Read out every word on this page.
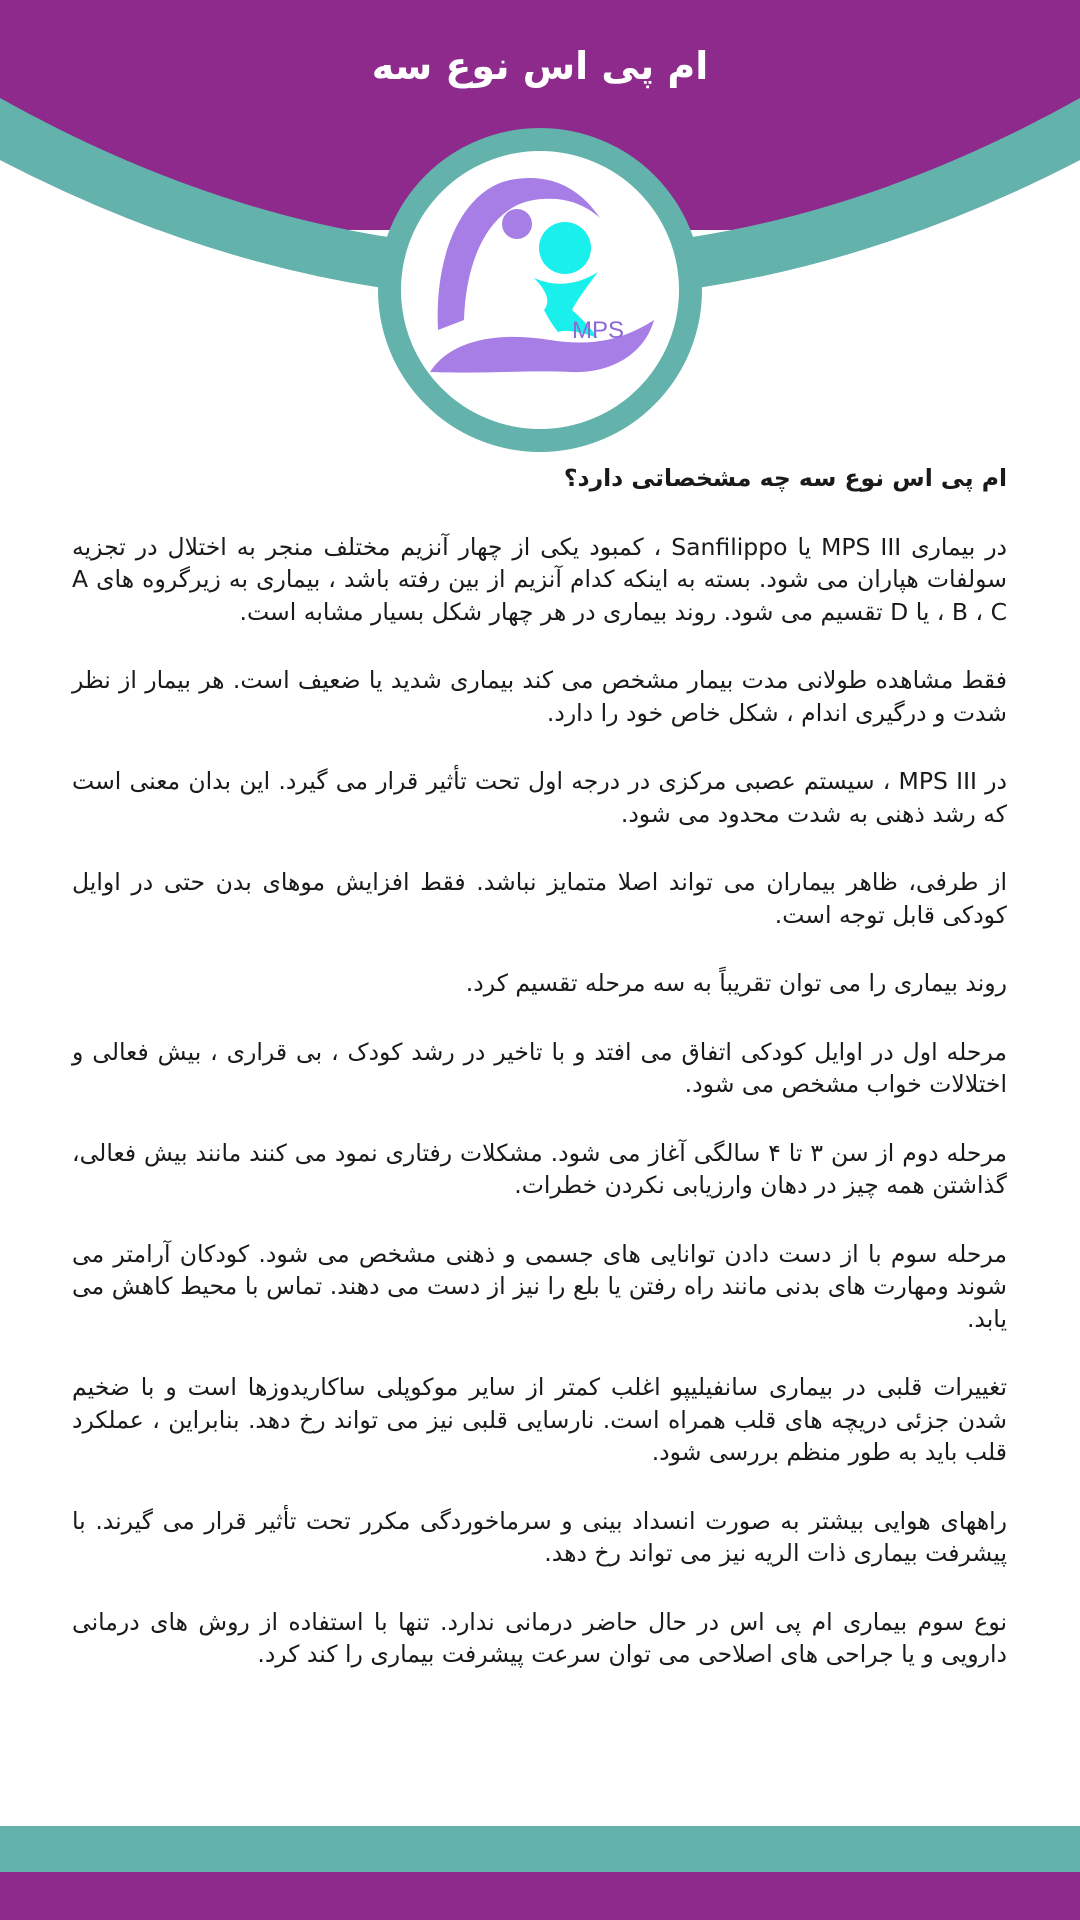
ام پی اس نوع سه
MPS

ام پی اس نوع سه چه مشخصاتی دارد؟

در بیماری MPS III یا Sanfilippo ، کمبود یکی از چهار آنزیم مختلف منجر به اختلال در تجزیه سولفات هپاران می شود. بسته به اینکه کدام آنزیم از بین رفته باشد ، بیماری به زیرگروه های A ، B ، C یا D تقسیم می شود. روند بیماری در هر چهار شکل بسیار مشابه است.

فقط مشاهده طولانی مدت بیمار مشخص می کند بیماری شدید یا ضعیف است. هر بیمار از نظر شدت و درگیری اندام ، شکل خاص خود را دارد.

در MPS III ، سیستم عصبی مرکزی در درجه اول تحت تأثیر قرار می گیرد. این بدان معنی است که رشد ذهنی به شدت محدود می شود.

از طرفی، ظاهر بیماران می تواند اصلا متمایز نباشد. فقط افزایش موهای بدن حتی در اوایل کودکی قابل توجه است.

روند بیماری را می توان تقریباً به سه مرحله تقسیم کرد.

مرحله اول در اوایل کودکی اتفاق می افتد و با تاخیر در رشد کودک ، بی قراری ، بیش فعالی و اختلالات خواب مشخص می شود.

مرحله دوم از سن ۳ تا ۴ سالگی آغاز می شود. مشکلات رفتاری نمود می کنند مانند بیش فعالی، گذاشتن همه چیز در دهان وارزیابی نکردن خطرات.

مرحله سوم با از دست دادن توانایی های جسمی و ذهنی مشخص می شود. کودکان آرامتر می شوند ومهارت های بدنی مانند راه رفتن یا بلع را نیز از دست می دهند. تماس با محیط کاهش می یابد.

تغییرات قلبی در بیماری سانفیلیپو اغلب کمتر از سایر موکوپلی ساکاریدوزها است و با ضخیم شدن جزئی دریچه های قلب همراه است. نارسایی قلبی نیز می تواند رخ دهد. بنابراین ، عملکرد قلب باید به طور منظم بررسی شود.

راههای هوایی بیشتر به صورت انسداد بینی و سرماخوردگی مکرر تحت تأثیر قرار می گیرند. با پیشرفت بیماری ذات الریه نیز می تواند رخ دهد.

نوع سوم بیماری ام پی اس در حال حاضر درمانی ندارد. تنها با استفاده از روش های درمانی دارویی و یا جراحی های اصلاحی می توان سرعت پیشرفت بیماری را کند کرد.
